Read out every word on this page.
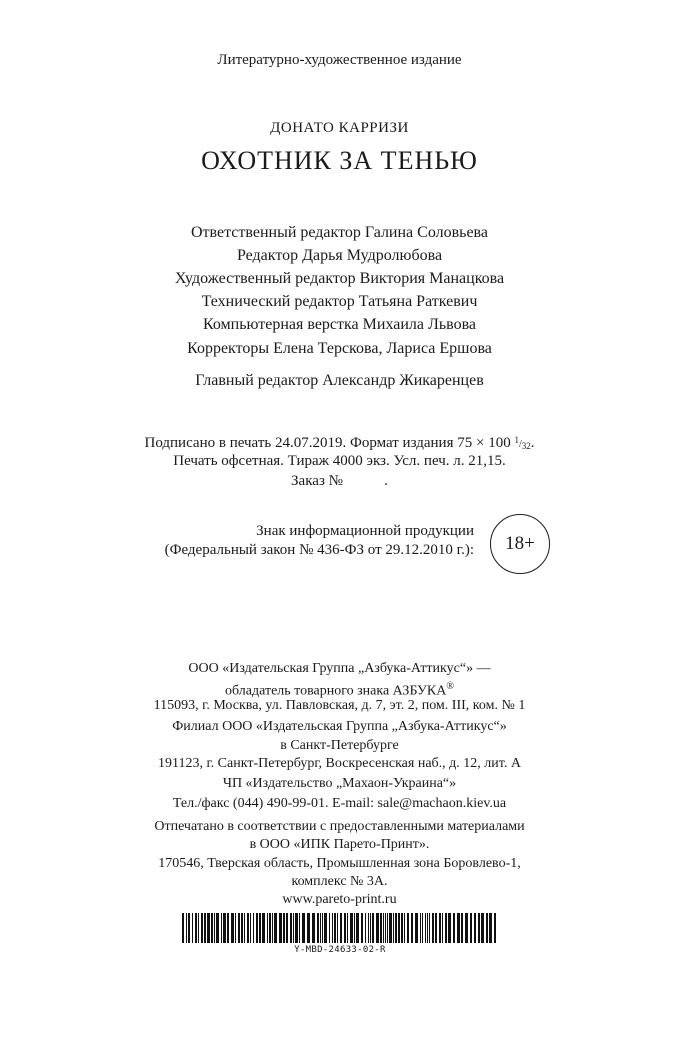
Литературно-художественное издание
ДОНАТО КАРРИЗИ
ОХОТНИК ЗА ТЕНЬЮ
Ответственный редактор Галина Соловьева
Редактор Дарья Мудролюбова
Художественный редактор Виктория Манацкова
Технический редактор Татьяна Раткевич
Компьютерная верстка Михаила Львова
Корректоры Елена Терскова, Лариса Ершова
Главный редактор Александр Жикаренцев
Подписано в печать 24.07.2019. Формат издания 75 × 100 $^1/_{32}$.
Печать офсетная. Тираж 4000 экз. Усл. печ. л. 21,15.
Заказ №           .
Знак информационной продукции
(Федеральный закон № 436-ФЗ от 29.12.2010 г.):	18+
ООО «Издательская Группа „Азбука-Аттикус“» —
обладатель товарного знака АЗБУКА®
115093, г. Москва, ул. Павловская, д. 7, эт. 2, пом. III, ком. № 1
Филиал ООО «Издательская Группа „Азбука-Аттикус“»
в Санкт-Петербурге
191123, г. Санкт-Петербург, Воскресенская наб., д. 12, лит. А
ЧП «Издательство „Махаон-Украина“»
Тел./факс (044) 490-99-01. E-mail: sale@machaon.kiev.ua
Отпечатано в соответствии с предоставленными материалами
в ООО «ИПК Парето-Принт».
170546, Тверская область, Промышленная зона Боровлево-1,
комплекс № 3А.
www.pareto-print.ru
Y-MBD-24633-02-R
